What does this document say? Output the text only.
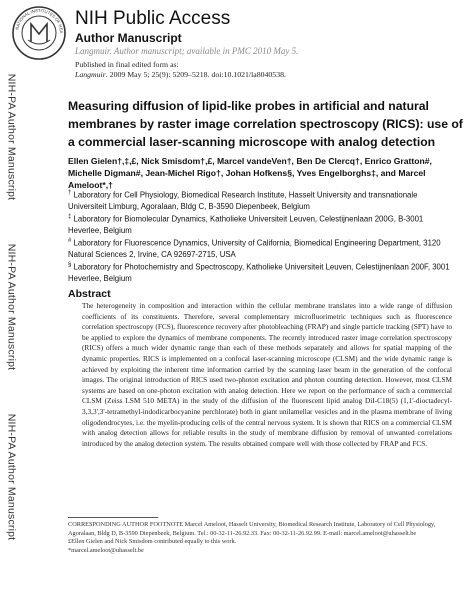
NATIONAL INSTITUTES OF HEA
NIH-PA Author Manuscript
NIH-PA Author Manuscript
NIH-PA Author Manuscript
NIH Public Access
Author Manuscript
Langmuir. Author manuscript; available in PMC 2010 May 5.
Published in final edited form as:
Langmuir. 2009 May 5; 25(9): 5209–5218. doi:10.1021/la8040538.
Measuring diffusion of lipid-like probes in artificial and natural membranes by raster image correlation spectroscopy (RICS): use of a commercial laser-scanning microscope with analog detection
Ellen Gielen†,‡,£, Nick Smisdom†,£, Marcel vandeVen†, Ben De Clercq†, Enrico Gratton#, Michelle Digman#, Jean-Michel Rigo†, Johan Hofkens§, Yves Engelborghs‡, and Marcel Ameloot*,†
† Laboratory for Cell Physiology, Biomedical Research Institute, Hasselt University and transnationale Universiteit Limburg, Agoralaan, Bldg C, B-3590 Diepenbeek, Belgium
‡ Laboratory for Biomolecular Dynamics, Katholieke Universiteit Leuven, Celestijnenlaan 200G, B-3001 Heverlee, Belgium
# Laboratory for Fluorescence Dynamics, University of California, Biomedical Engineering Department, 3120 Natural Sciences 2, Irvine, CA 92697-2715, USA
§ Laboratory for Photochemistry and Spectroscopy, Katholieke Universiteit Leuven, Celestijnenlaan 200F, 3001 Heverlee, Belgium
Abstract
The heterogeneity in composition and interaction within the cellular membrane translates into a wide range of diffusion coefficients of its constituents. Therefore, several complementary microfluorimetric techniques such as fluorescence correlation spectroscopy (FCS), fluorescence recovery after photobleaching (FRAP) and single particle tracking (SPT) have to be applied to explore the dynamics of membrane components. The recently introduced raster image correlation spectroscopy (RICS) offers a much wider dynamic range than each of these methods separately and allows for spatial mapping of the dynamic properties. RICS is implemented on a confocal laser-scanning microscope (CLSM) and the wide dynamic range is achieved by exploiting the inherent time information carried by the scanning laser beam in the generation of the confocal images. The original introduction of RICS used two-photon excitation and photon counting detection. However, most CLSM systems are based on one-photon excitation with analog detection. Here we report on the performance of such a commercial CLSM (Zeiss LSM 510 META) in the study of the diffusion of the fluorescent lipid analog DiI-C18(5) (1,1'-dioctadecyl-3,3,3',3'-tetramethyl-indodicarbocyanine perchlorate) both in giant unilamellar vesicles and in the plasma membrane of living oligodendrocytes, i.e. the myelin-producing cells of the central nervous system. It is shown that RICS on a commercial CLSM with analog detection allows for reliable results in the study of membrane diffusion by removal of unwanted correlations introduced by the analog detection system. The results obtained compare well with those collected by FRAP and FCS.

CORRESPONDING AUTHOR FOOTNOTE Marcel Ameloot, Hasselt University, Biomedical Research Institute, Laboratory of Cell Physiology, Agoralaan, Bldg D, B-3590 Diepenbeek, Belgium. Tel.: 00-32-11-26.92.33. Fax: 00-32-11-26.92.99. E-mail: marcel.ameloot@uhasselt.be

£Ellen Gielen and Nick Smisdom contributed equally to this work.

*marcel.ameloot@uhasselt.be
